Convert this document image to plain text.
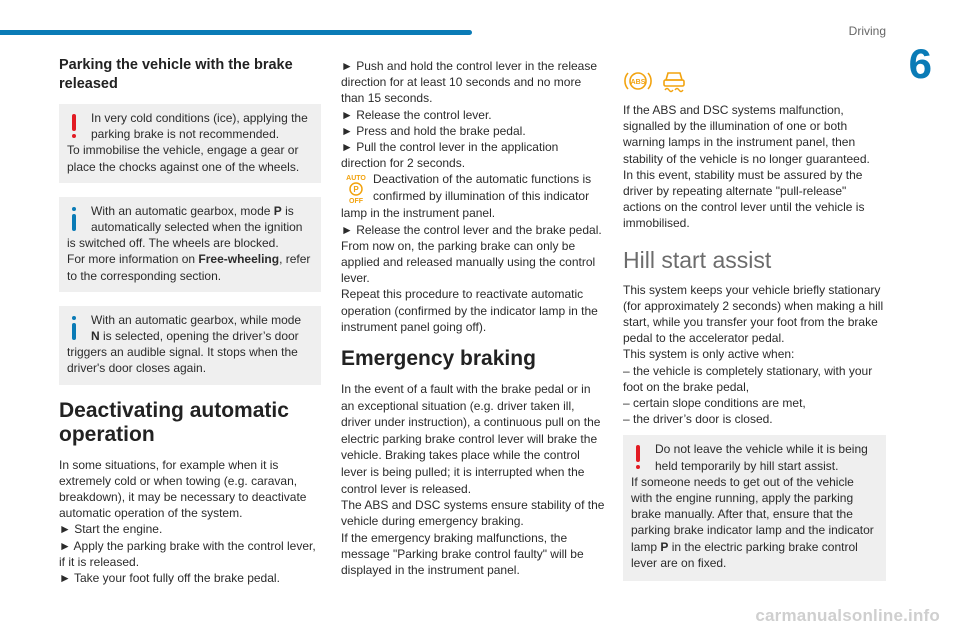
Driving
6
Parking the vehicle with the brake released

In very cold conditions (ice), applying the parking brake is not recommended.

To immobilise the vehicle, engage a gear or place the chocks against one of the wheels.

With an automatic gearbox, mode P is automatically selected when the ignition

is switched off. The wheels are blocked.

For more information on Free-wheeling, refer to the corresponding section.

With an automatic gearbox, while mode N is selected, opening the driver’s door

triggers an audible signal. It stops when the driver's door closes again.

Deactivating automatic operation

In some situations, for example when it is extremely cold or when towing (e.g. caravan, breakdown), it may be necessary to deactivate automatic operation of the system.

► Start the engine.

► Apply the parking brake with the control lever, if it is released.

► Take your foot fully off the brake pedal.

► Push and hold the control lever in the release direction for at least 10 seconds and no more than 15 seconds.

► Release the control lever.

► Press and hold the brake pedal.

► Pull the control lever in the application direction for 2 seconds.

AUTO
P
OFF

Deactivation of the automatic functions is confirmed by illumination of this indicator

lamp in the instrument panel.

► Release the control lever and the brake pedal.

From now on, the parking brake can only be applied and released manually using the control lever.

Repeat this procedure to reactivate automatic operation (confirmed by the indicator lamp in the instrument panel going off).

Emergency braking

In the event of a fault with the brake pedal or in an exceptional situation (e.g. driver taken ill, driver under instruction), a continuous pull on the electric parking brake control lever will brake the vehicle. Braking takes place while the control lever is being pulled; it is interrupted when the control lever is released.

The ABS and DSC systems ensure stability of the vehicle during emergency braking.

If the emergency braking malfunctions, the message "Parking brake control faulty" will be displayed in the instrument panel.

ABS

If the ABS and DSC systems malfunction, signalled by the illumination of one or both warning lamps in the instrument panel, then stability of the vehicle is no longer guaranteed.

In this event, stability must be assured by the driver by repeating alternate "pull-release" actions on the control lever until the vehicle is immobilised.

Hill start assist

This system keeps your vehicle briefly stationary (for approximately 2 seconds) when making a hill start, while you transfer your foot from the brake pedal to the accelerator pedal.

This system is only active when:

– the vehicle is completely stationary, with your foot on the brake pedal,

– certain slope conditions are met,

– the driver’s door is closed.

Do not leave the vehicle while it is being held temporarily by hill start assist.

If someone needs to get out of the vehicle with the engine running, apply the parking brake manually. After that, ensure that the parking brake indicator lamp and the indicator lamp P in the electric parking brake control lever are on fixed.

carmanualsonline.info
